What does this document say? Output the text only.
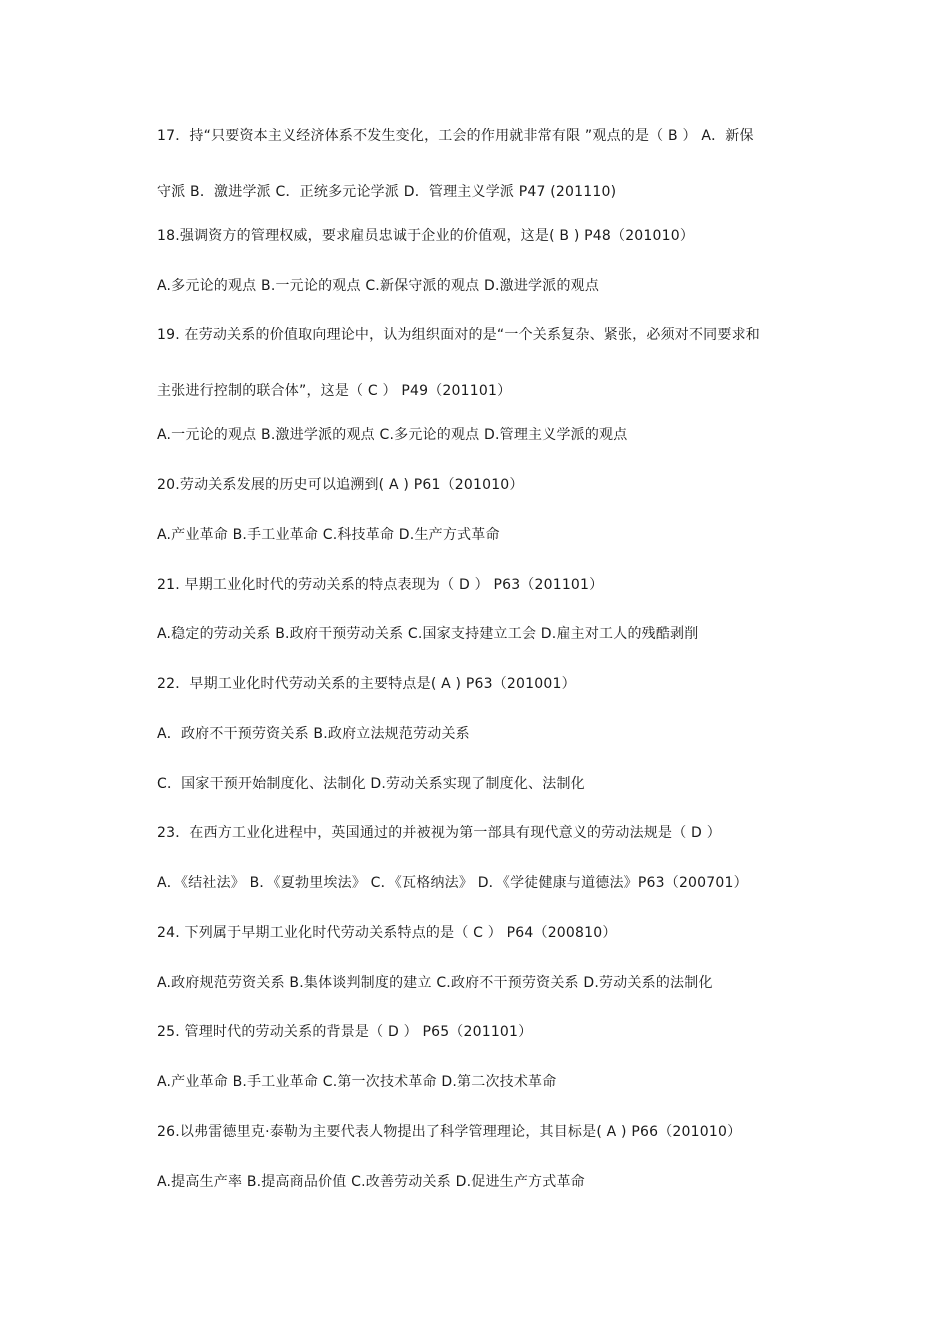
17．持“只要资本主义经济体系不发生变化，工会的作用就非常有限 ”观点的是（ B ） A．新保
守派 B．激进学派 C．正统多元论学派 D．管理主义学派 P47 (201110)
18.强调资方的管理权威，要求雇员忠诚于企业的价值观，这是( B ) P48（201010）
A.多元论的观点 B.一元论的观点 C.新保守派的观点 D.激进学派的观点
19. 在劳动关系的价值取向理论中，认为组织面对的是“一个关系复杂、紧张，必须对不同要求和
主张进行控制的联合体”，这是（ C ） P49（201101）
A.一元论的观点 B.激进学派的观点 C.多元论的观点 D.管理主义学派的观点
20.劳动关系发展的历史可以追溯到( A ) P61（201010）
A.产业革命 B.手工业革命 C.科技革命 D.生产方式革命
21. 早期工业化时代的劳动关系的特点表现为（ D ） P63（201101）
A.稳定的劳动关系 B.政府干预劳动关系 C.国家支持建立工会 D.雇主对工人的残酷剥削
22．早期工业化时代劳动关系的主要特点是( A ) P63（201001）
A．政府不干预劳资关系 B.政府立法规范劳动关系
C．国家干预开始制度化、法制化 D.劳动关系实现了制度化、法制化
23．在西方工业化进程中，英国通过的并被视为第一部具有现代意义的劳动法规是（ D ）
A．《结社法》 B．《夏勃里埃法》 C．《瓦格纳法》 D．《学徒健康与道德法》P63（200701）
24. 下列属于早期工业化时代劳动关系特点的是（ C ） P64（200810）
A.政府规范劳资关系 B.集体谈判制度的建立 C.政府不干预劳资关系 D.劳动关系的法制化
25. 管理时代的劳动关系的背景是（ D ） P65（201101）
A.产业革命 B.手工业革命 C.第一次技术革命 D.第二次技术革命
26.以弗雷德里克·泰勒为主要代表人物提出了科学管理理论，其目标是( A ) P66（201010）
A.提高生产率 B.提高商品价值 C.改善劳动关系 D.促进生产方式革命
